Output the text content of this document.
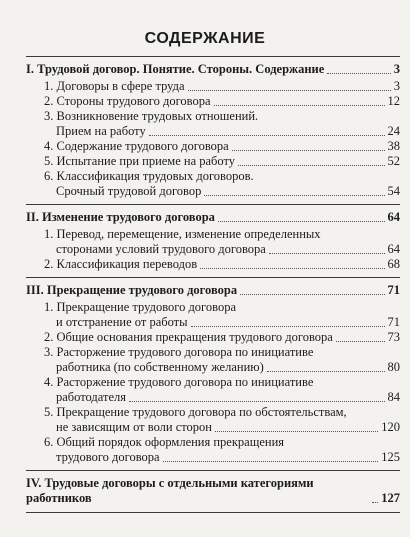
СОДЕРЖАНИЕ
I. Трудовой договор. Понятие. Стороны. Содержание	3
1. Договоры в сфере труда	3
2. Стороны трудового договора	12
3. Возникновение трудовых отношений.
Прием на работу	24
4. Содержание трудового договора	38
5. Испытание при приеме на работу	52
6. Классификация трудовых договоров.
Срочный трудовой договор	54
II. Изменение трудового договора	64
1. Перевод, перемещение, изменение определенных
сторонами условий трудового договора	64
2. Классификация переводов	68
III. Прекращение трудового договора	71
1. Прекращение трудового договора
и отстранение от работы	71
2. Общие основания прекращения трудового договора	73
3. Расторжение трудового договора по инициативе
работника (по собственному желанию)	80
4. Расторжение трудового договора по инициативе
работодателя	84
5. Прекращение трудового договора по обстоятельствам,
не зависящим от воли сторон	120
6. Общий порядок оформления прекращения
трудового договора	125
IV. Трудовые договоры с отдельными категориями работников	127
